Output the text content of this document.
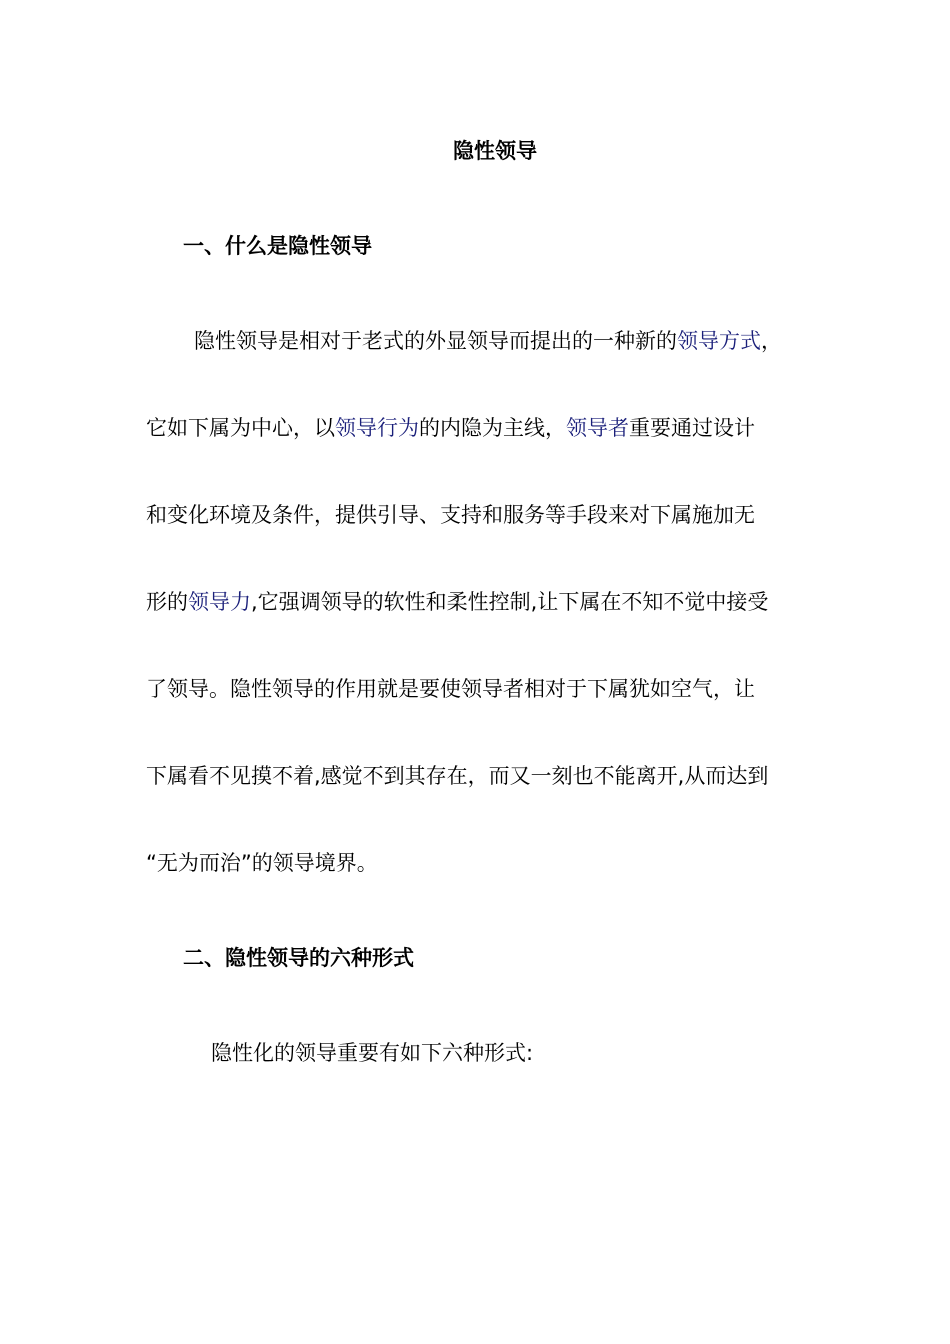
隐性领导
一、什么是隐性领导

隐性领导是相对于老式的外显领导而提出的一种新的领导方式，

它如下属为中心，以领导行为的内隐为主线，领导者重要通过设计

和变化环境及条件，提供引导、支持和服务等手段来对下属施加无

形的领导力,它强调领导的软性和柔性控制,让下属在不知不觉中接受

了领导。隐性领导的作用就是要使领导者相对于下属犹如空气，让

下属看不见摸不着,感觉不到其存在，而又一刻也不能离开,从而达到

“无为而治”的领导境界。

二、隐性领导的六种形式

隐性化的领导重要有如下六种形式:
